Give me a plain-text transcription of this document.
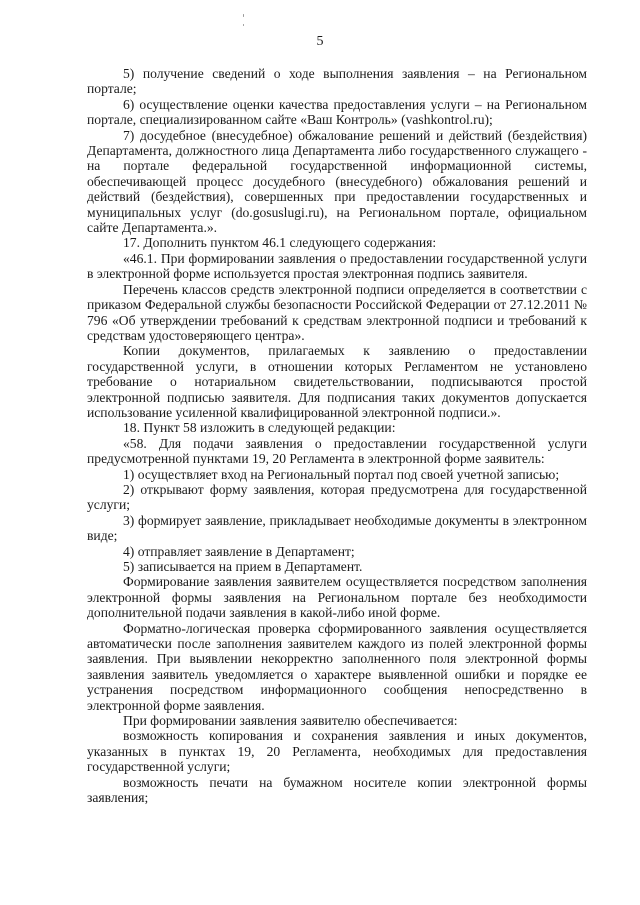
5

5) получение сведений о ходе выполнения заявления – на Региональном портале;

6) осуществление оценки качества предоставления услуги – на Региональном портале, специализированном сайте «Ваш Контроль» (vashkontrol.ru);

7) досудебное (внесудебное) обжалование решений и действий (бездействия) Департамента, должностного лица Департамента либо государственного служащего - на портале федеральной государственной информационной системы, обеспечивающей процесс досудебного (внесудебного) обжалования решений и действий (бездействия), совершенных при предоставлении государственных и муниципальных услуг (do.gosuslugi.ru), на Региональном портале, официальном сайте Департамента.».

17. Дополнить пунктом 46.1 следующего содержания:

«46.1. При формировании заявления о предоставлении государственной услуги в электронной форме используется простая электронная подпись заявителя.

Перечень классов средств электронной подписи определяется в соответствии с приказом Федеральной службы безопасности Российской Федерации от 27.12.2011 № 796 «Об утверждении требований к средствам электронной подписи и требований к средствам удостоверяющего центра».

Копии документов, прилагаемых к заявлению о предоставлении государственной услуги, в отношении которых Регламентом не установлено требование о нотариальном свидетельствовании, подписываются простой электронной подписью заявителя. Для подписания таких документов допускается использование усиленной квалифицированной электронной подписи.».

18. Пункт 58 изложить в следующей редакции:

«58. Для подачи заявления о предоставлении государственной услуги предусмотренной пунктами 19, 20 Регламента в электронной форме заявитель:

1) осуществляет вход на Региональный портал под своей учетной записью;

2) открывают форму заявления, которая предусмотрена для государственной услуги;

3) формирует заявление, прикладывает необходимые документы в электронном виде;

4) отправляет заявление в Департамент;

5) записывается на прием в Департамент.

Формирование заявления заявителем осуществляется посредством заполнения электронной формы заявления на Региональном портале без необходимости дополнительной подачи заявления в какой-либо иной форме.

Форматно-логическая проверка сформированного заявления осуществляется автоматически после заполнения заявителем каждого из полей электронной формы заявления. При выявлении некорректно заполненного поля электронной формы заявления заявитель уведомляется о характере выявленной ошибки и порядке ее устранения посредством информационного сообщения непосредственно в электронной форме заявления.

При формировании заявления заявителю обеспечивается:

возможность копирования и сохранения заявления и иных документов, указанных в пунктах 19, 20 Регламента, необходимых для предоставления государственной услуги;

возможность печати на бумажном носителе копии электронной формы заявления;
